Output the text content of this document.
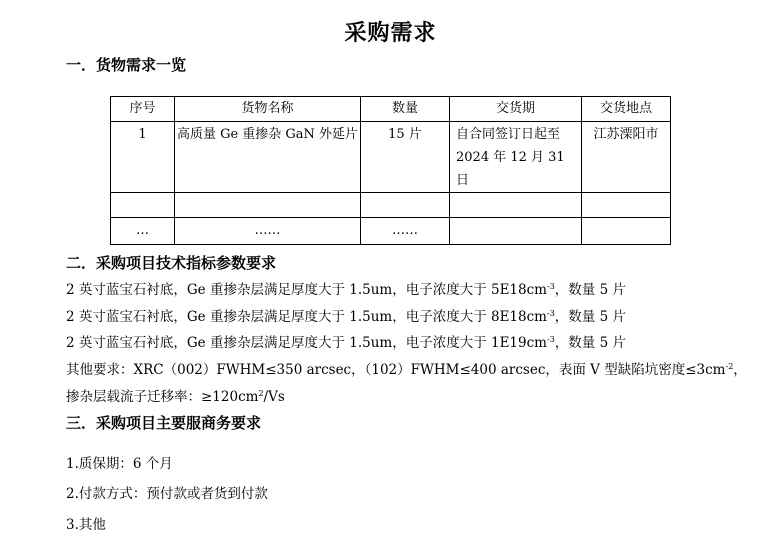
采购需求
一．货物需求一览
序号	货物名称	数量	交货期	交货地点
1	高质量 Ge 重掺杂 GaN 外延片	15 片	自合同签订日起至 2024 年 12 月 31 日	江苏溧阳市

…	……	……		
二．采购项目技术指标参数要求
2 英寸蓝宝石衬底，Ge 重掺杂层满足厚度大于 1.5um，电子浓度大于 $5E18cm^{-3}$，数量 5 片
2 英寸蓝宝石衬底，Ge 重掺杂层满足厚度大于 1.5um，电子浓度大于 $8E18cm^{-3}$，数量 5 片
2 英寸蓝宝石衬底，Ge 重掺杂层满足厚度大于 1.5um，电子浓度大于 $1E19cm^{-3}$，数量 5 片
其他要求：XRC（002）FWHM≤350 arcsec，（102）FWHM≤400 arcsec，表面 V 型缺陷坑密度$\le 3cm^{-2}$，
掺杂层载流子迁移率：$\ge 120cm^2/Vs$
三．采购项目主要服商务要求
1.质保期：6 个月
2.付款方式：预付款或者货到付款
3.其他
